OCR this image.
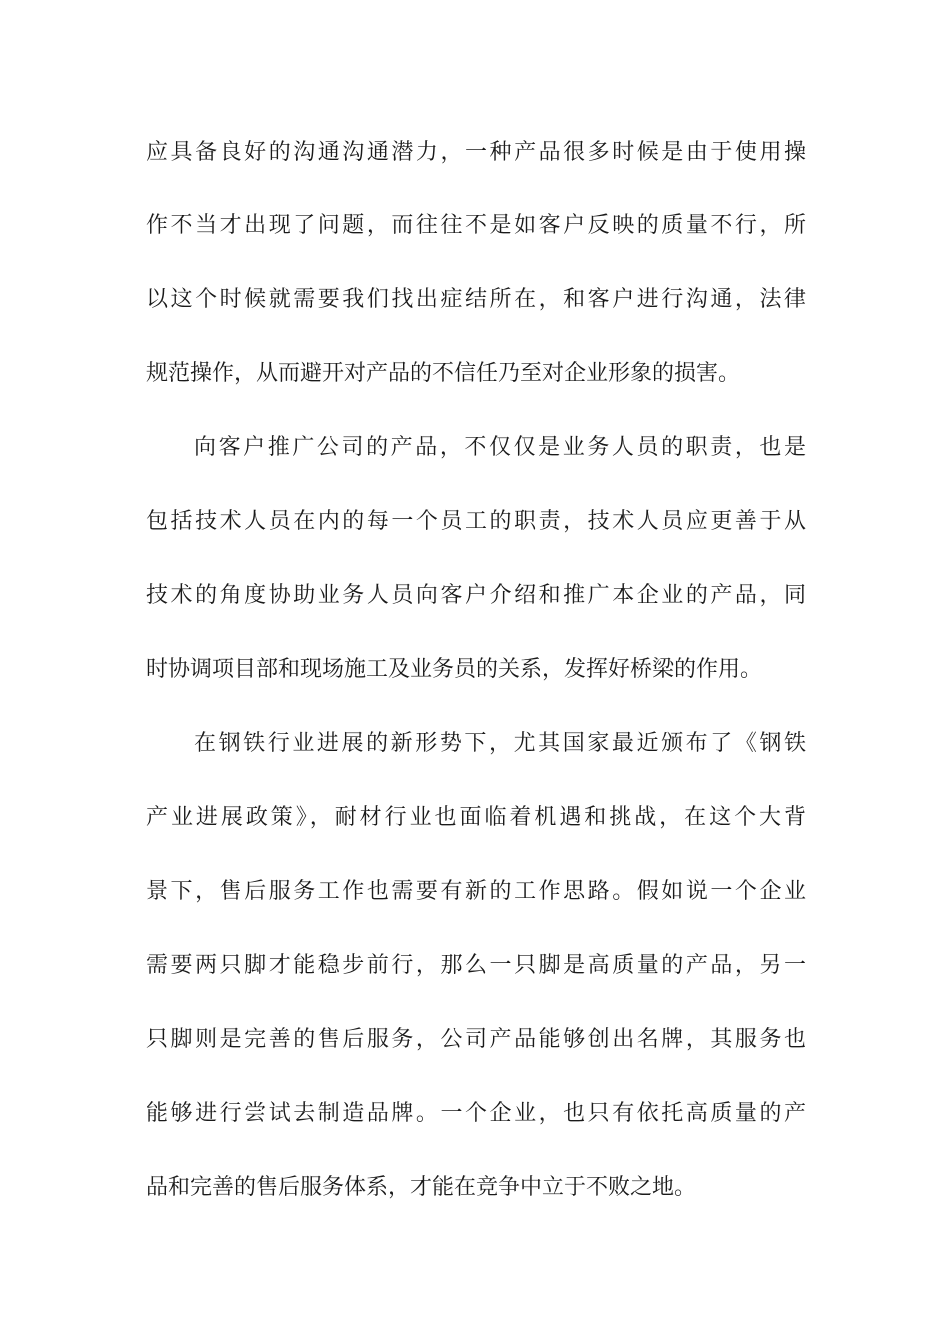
应具备良好的沟通沟通潜力，一种产品很多时候是由于使用操
作不当才出现了问题，而往往不是如客户反映的质量不行，所
以这个时候就需要我们找出症结所在，和客户进行沟通，法律
规范操作，从而避开对产品的不信任乃至对企业形象的损害。
向客户推广公司的产品，不仅仅是业务人员的职责，也是
包括技术人员在内的每一个员工的职责，技术人员应更善于从
技术的角度协助业务人员向客户介绍和推广本企业的产品，同
时协调项目部和现场施工及业务员的关系，发挥好桥梁的作用。
在钢铁行业进展的新形势下，尤其国家最近颁布了《钢铁
产业进展政策》，耐材行业也面临着机遇和挑战，在这个大背
景下，售后服务工作也需要有新的工作思路。假如说一个企业
需要两只脚才能稳步前行，那么一只脚是高质量的产品，另一
只脚则是完善的售后服务，公司产品能够创出名牌，其服务也
能够进行尝试去制造品牌。一个企业，也只有依托高质量的产
品和完善的售后服务体系，才能在竞争中立于不败之地。
